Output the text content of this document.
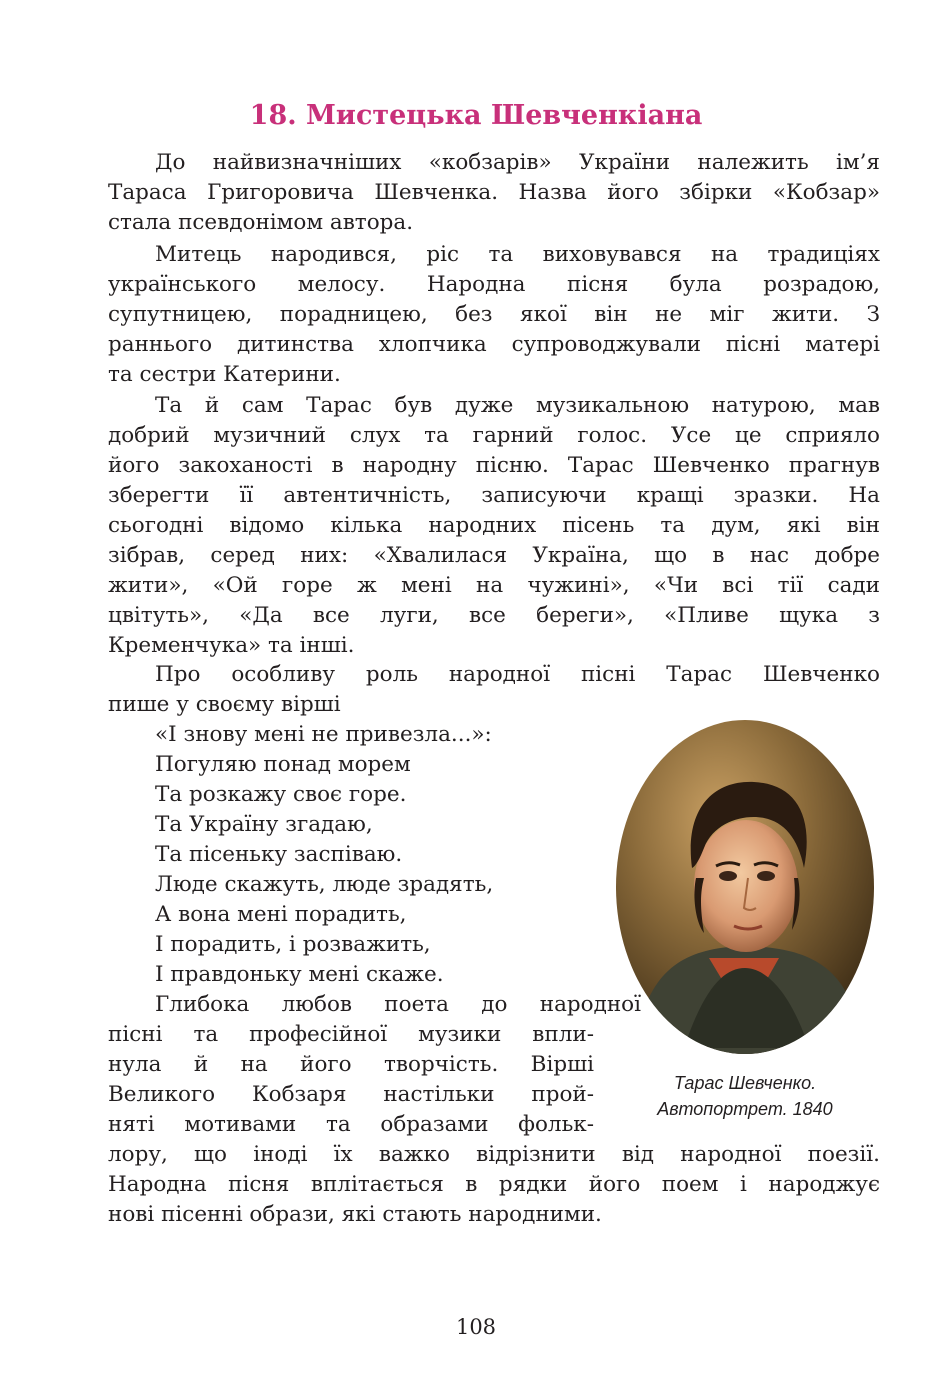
18. Мистецька Шевченкіана
До найвизначніших «кобзарів» України належить ім’я
Тараса Григоровича Шевченка. Назва його збірки «Кобзар»
стала псевдонімом автора.
Митець народився, ріс та виховувався на традиціях
українського мелосу. Народна пісня була розрадою,
супутницею, порадницею, без якої він не міг жити. З
раннього дитинства хлопчика супроводжували пісні матері
та сестри Катерини.
Та й сам Тарас був дуже музикальною натурою, мав
добрий музичний слух та гарний голос. Усе це сприяло
його закоханості в народну пісню. Тарас Шевченко прагнув
зберегти її автентичність, записуючи кращі зразки. На
сьогодні відомо кілька народних пісень та дум, які він
зібрав, серед них: «Хвалилася Україна, що в нас добре
жити», «Ой горе ж мені на чужині», «Чи всі тії сади
цвітуть», «Да все луги, все береги», «Пливе щука з
Кременчука» та інші.
Про особливу роль народної пісні Тарас Шевченко
пише у своєму вірші
«І знову мені не привезла...»:
Погуляю понад морем
Та розкажу своє горе.
Та Україну згадаю,
Та пісеньку заспіваю.
Люде скажуть, люде зрадять,
А вона мені порадить,
І порадить, і розважить,
І правдоньку мені скаже.
Глибока любов поета до народної
пісні та професійної музики впли-
нула й на його творчість. Вірші
Великого Кобзаря настільки прой-
няті мотивами та образами фольк-
лору, що іноді їх важко відрізнити від народної поезії.
Народна пісня вплітається в рядки його поем і народжує
нові пісенні образи, які стають народними.
Тарас Шевченко.
Автопортрет. 1840
108
